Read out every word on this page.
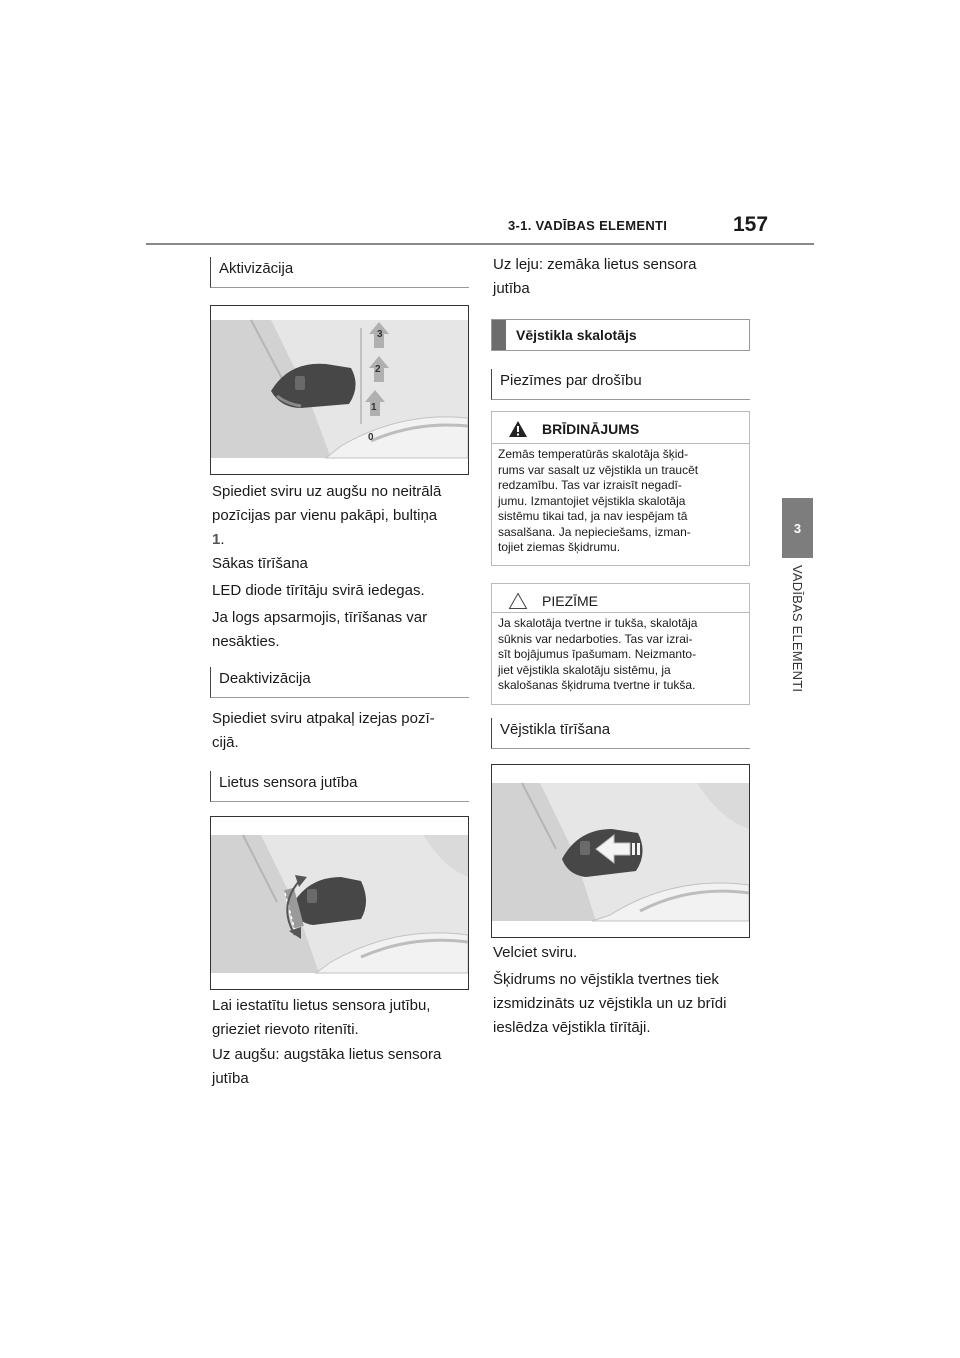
3-1. VADĪBAS ELEMENTI	157
3
VADĪBAS ELEMENTI
Aktivizācija
3
2
1
0
Spiediet sviru uz augšu no neitrālā
pozīcijas par vienu pakāpi, bultiņa
1.
Sākas tīrīšana
LED diode tīrītāju svirā iedegas.
Ja logs apsarmojis, tīrīšanas var
nesākties.
Deaktivizācija
Spiediet sviru atpakaļ izejas pozī-
cijā.
Lietus sensora jutība
Lai iestatītu lietus sensora jutību,
grieziet rievoto ritenīti.
Uz augšu: augstāka lietus sensora
jutība
Uz leju: zemāka lietus sensora
jutība
Vējstikla skalotājs
Piezīmes par drošību
BRĪDINĀJUMS
Zemās temperatūrās skalotāja šķid-
rums var sasalt uz vējstikla un traucēt
redzamību. Tas var izraisīt negadī-
jumu. Izmantojiet vējstikla skalotāja
sistēmu tikai tad, ja nav iespējam tā
sasalšana. Ja nepieciešams, izman-
tojiet ziemas šķidrumu.
PIEZĪME
Ja skalotāja tvertne ir tukša, skalotāja
sūknis var nedarboties. Tas var izrai-
sīt bojājumus īpašumam. Neizmanto-
jiet vējstikla skalotāju sistēmu, ja
skalošanas šķidruma tvertne ir tukša.
Vējstikla tīrīšana
Velciet sviru.
Šķidrums no vējstikla tvertnes tiek
izsmidzināts uz vējstikla un uz brīdi
ieslēdza vējstikla tīrītāji.
